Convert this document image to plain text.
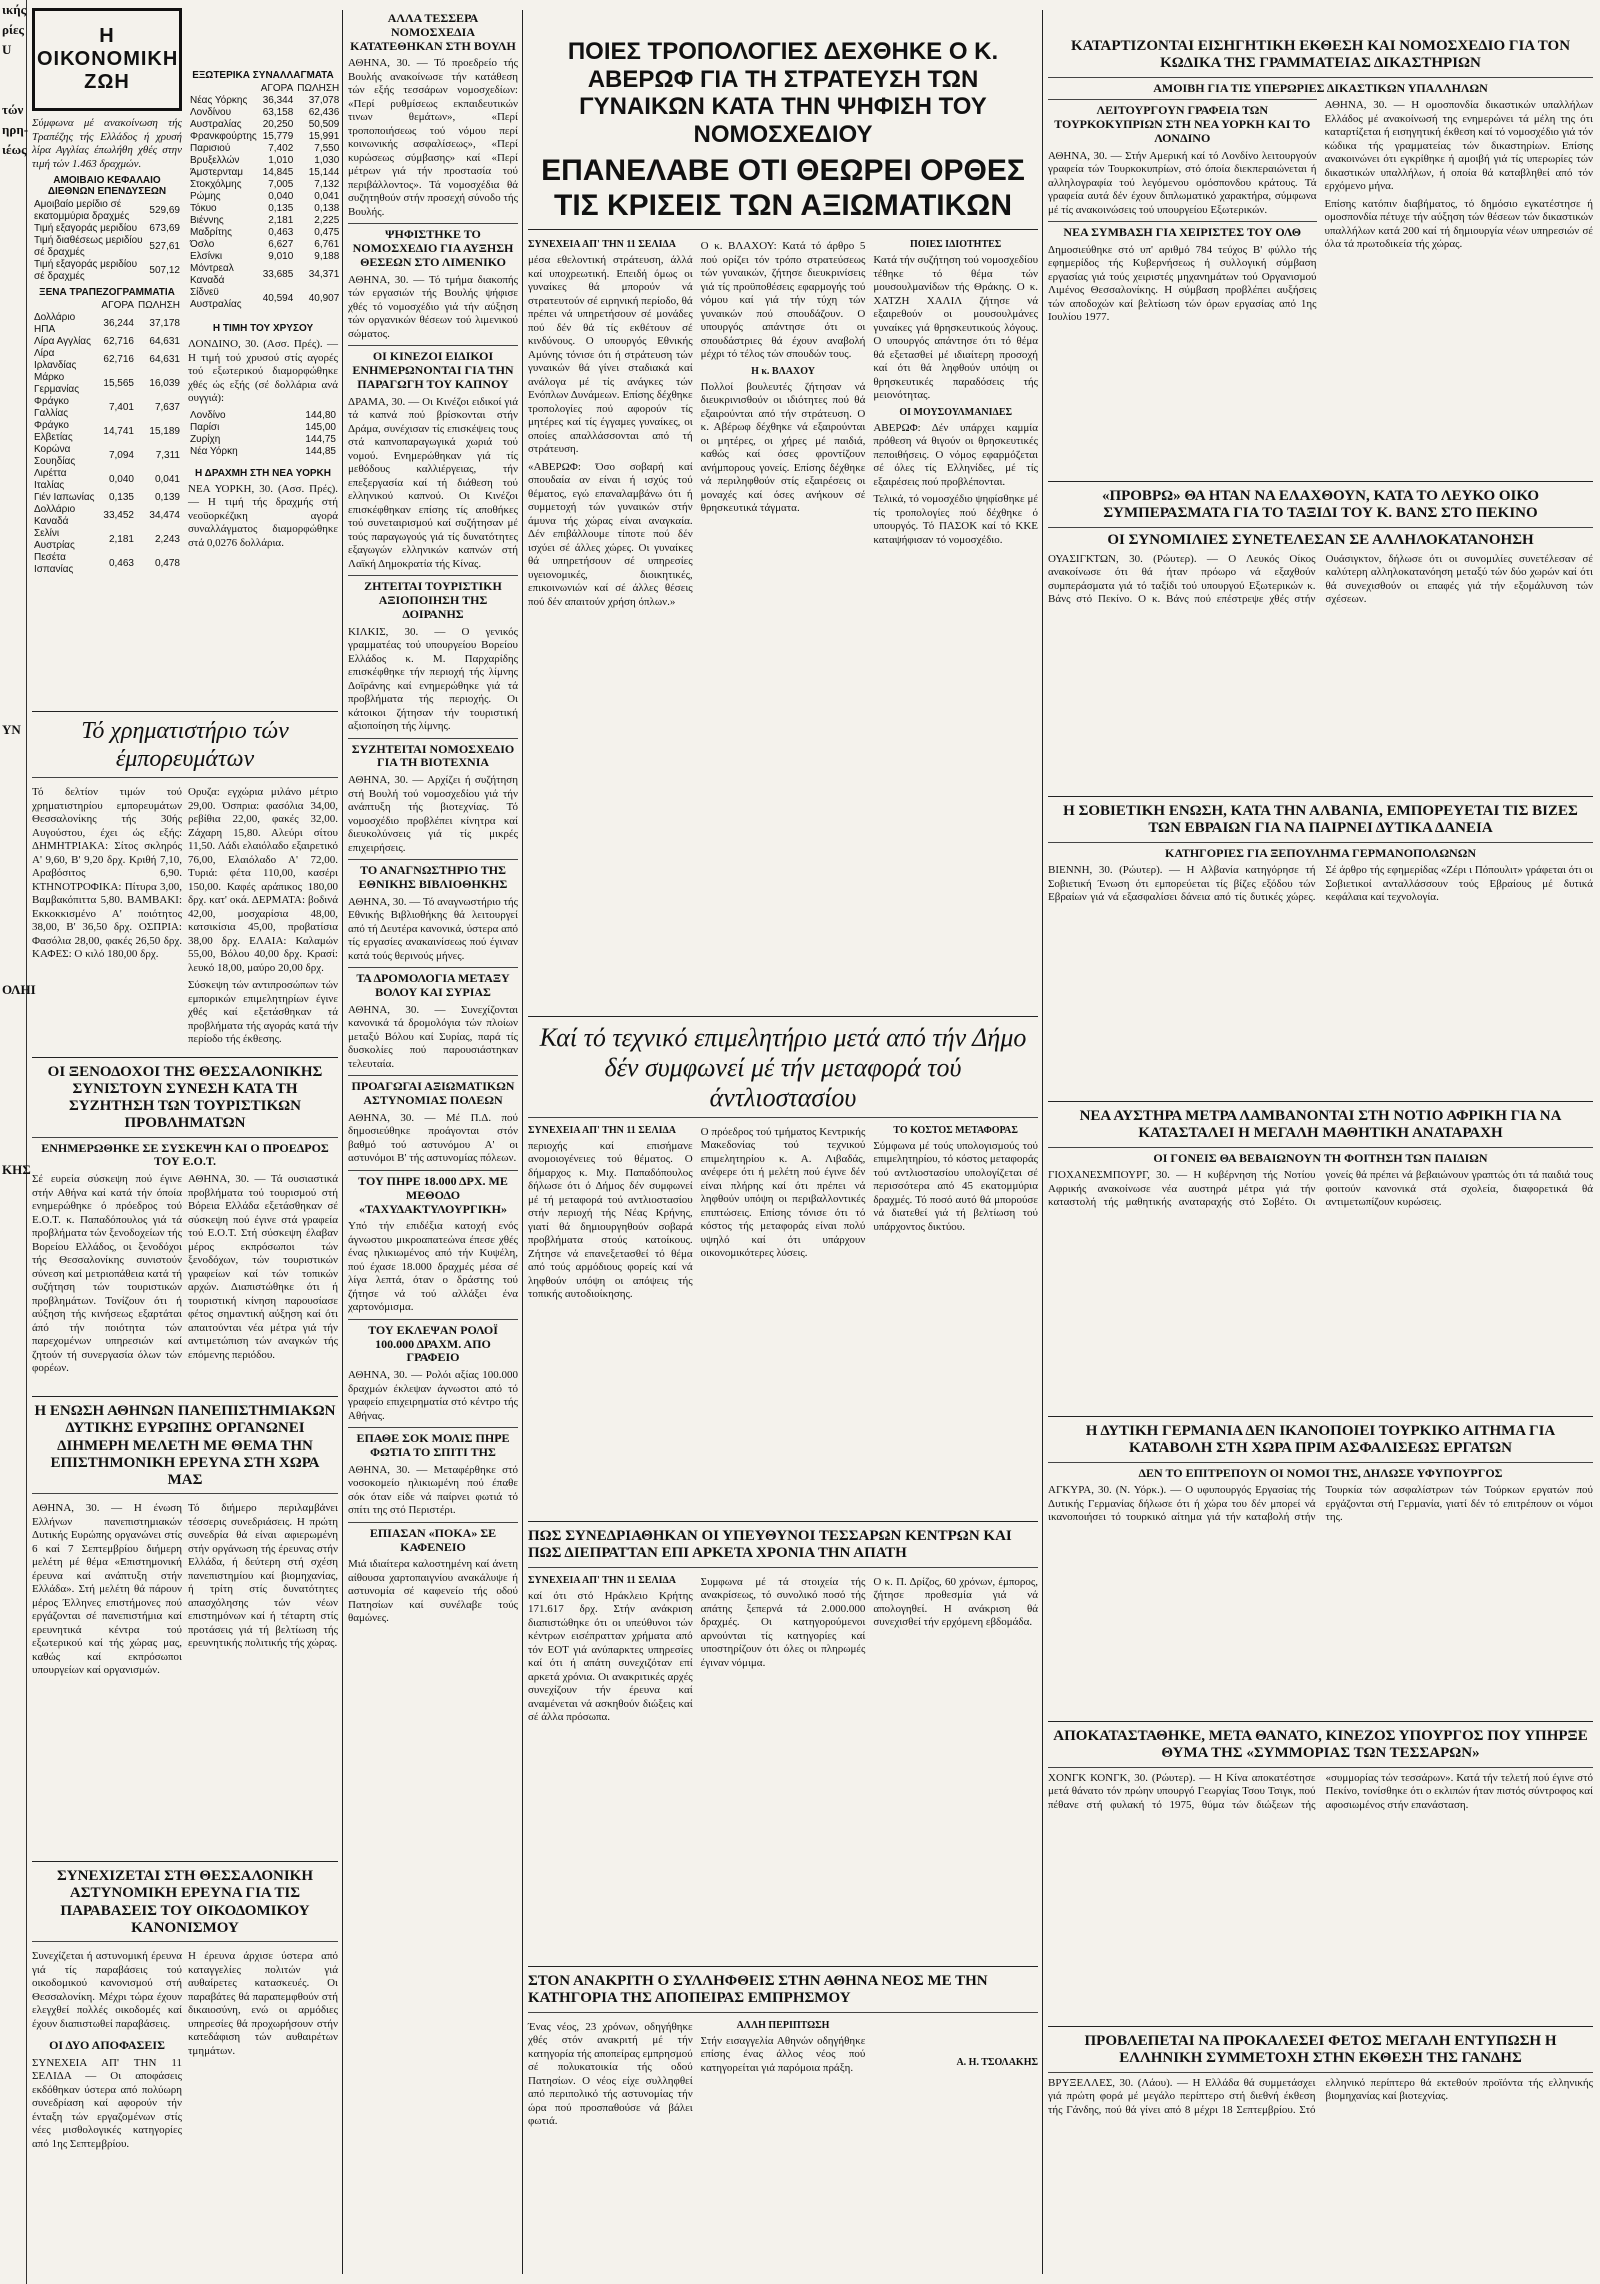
ικής
ρίες
U
τών
ηρη-
ιέως
ΥΝ
ΟΛΗΙ
ΚΗΣ
Η ΟΙΚΟΝΟΜΙΚΗ ΖΩΗ

Σύμφωνα μέ ανακοίνωση τής Τραπέζης τής Ελλάδος ή χρυσή λίρα Αγγλίας έπωλήθη χθές στην τιμή τών 1.463 δραχμών.

ΑΜΟΙΒΑΙΟ ΚΕΦΑΛΑΙΟ ΔΙΕΘΝΩΝ ΕΠΕΝΔΥΣΕΩΝ
Αμοιβαίο μερίδιο σέ εκατομμύρια δραχμές	529,69
Τιμή εξαγοράς μεριδίου	673,69
Τιμή διαθέσεως μεριδίου σέ δραχμές	527,61
Τιμή εξαγοράς μεριδίου σέ δραχμές	507,12
ΞΕΝΑ ΤΡΑΠΕΖΟΓΡΑΜΜΑΤΙΑ
	ΑΓΟΡΑ	ΠΩΛΗΣΗ
Δολλάριο ΗΠΑ	36,244	37,178
Λίρα Αγγλίας	62,716	64,631
Λίρα Ιρλανδίας	62,716	64,631
Μάρκο Γερμανίας	15,565	16,039
Φράγκο Γαλλίας	7,401	7,637
Φράγκο Ελβετίας	14,741	15,189
Κορώνα Σουηδίας	7,094	7,311
Λιρέττα Ιταλίας	0,040	0,041
Γιέν Ιαπωνίας	0,135	0,139
Δολλάριο Καναδά	33,452	34,474
Σελίνι Αυστρίας	2,181	2,243
Πεσέτα Ισπανίας	0,463	0,478
ΕΞΩΤΕΡΙΚΑ ΣΥΝΑΛΛΑΓΜΑΤΑ
	ΑΓΟΡΑ	ΠΩΛΗΣΗ
Νέας Υόρκης	36,344	37,078
Λονδίνου	63,158	62,436
Αυστραλίας	20,250	50,509
Φρανκφούρτης	15,779	15,991
Παρισιού	7,402	7,550
Βρυξελλών	1,010	1,030
Άμστερνταμ	14,845	15,144
Στοκχόλμης	7,005	7,132
Ρώμης	0,040	0,041
Τόκυο	0,135	0,138
Βιέννης	2,181	2,225
Μαδρίτης	0,463	0,475
Όσλο	6,627	6,761
Ελσίνκι	9,010	9,188
Μόντρεαλ Καναδά	33,685	34,371
Σίδνεϋ Αυστραλίας	40,594	40,907
Η ΤΙΜΗ ΤΟΥ ΧΡΥΣΟΥ

ΛΟΝΔΙΝΟ, 30. (Ασσ. Πρές). — Η τιμή τού χρυσού στίς αγορές τού εξωτερικού διαμορφώθηκε χθές ώς εξής (σέ δολλάρια ανά ουγγιά):

Λονδίνο	144,80
Παρίσι	145,00
Ζυρίχη	144,75
Νέα Υόρκη	144,85
Η ΔΡΑΧΜΗ ΣΤΗ ΝΕΑ ΥΟΡΚΗ

ΝΕΑ ΥΟΡΚΗ, 30. (Ασσ. Πρές). — Η τιμή τής δραχμής στή νεοϋορκέζικη αγορά συναλλάγματος διαμορφώθηκε στά 0,0276 δολλάρια.

Τό χρηματιστήριο τών έμπορευμάτων

Τό δελτίον τιμών τού χρηματιστηρίου εμπορευμάτων Θεσσαλονίκης τής 30ής Αυγούστου, έχει ώς εξής: ΔΗΜΗΤΡΙΑΚΑ: Σίτος σκληρός Α' 9,60, Β' 9,20 δρχ. Κριθή 7,10, Αραβόσιτος 6,90. ΚΤΗΝΟΤΡΟΦΙΚΑ: Πίτυρα 3,00, Βαμβακόπιττα 5,80. ΒΑΜΒΑΚΙ: Εκκοκκισμένο Α' ποιότητος 38,00, Β' 36,50 δρχ. ΟΣΠΡΙΑ: Φασόλια 28,00, φακές 26,50 δρχ. ΚΑΦΕΣ: Ο κιλό 180,00 δρχ.

Ορυζα: εγχώρια μιλάνο μέτριο 29,00. Όσπρια: φασόλια 34,00, ρεβίθια 22,00, φακές 32,00. Ζάχαρη 15,80. Αλεύρι σίτου 11,50. Λάδι ελαιόλαδο εξαιρετικό 76,00, Ελαιόλαδο Α' 72,00. Τυριά: φέτα 110,00, κασέρι 150,00. Καφές αράπικος 180,00 δρχ. κατ' οκά. ΔΕΡΜΑΤΑ: βοδινά 42,00, μοσχαρίσια 48,00, κατσικίσια 45,00, προβατίσια 38,00 δρχ. ΕΛΑΙΑ: Καλαμών 55,00, Βόλου 40,00 δρχ. Κρασί: λευκό 18,00, μαύρο 20,00 δρχ.

Σύσκεψη τών αντιπροσώπων τών εμπορικών επιμελητηρίων έγινε χθές καί εξετάσθηκαν τά προβλήματα τής αγοράς κατά τήν περίοδο τής έκθεσης.

ΟΙ ΞΕΝΟΔΟΧΟΙ ΤΗΣ ΘΕΣΣΑΛΟΝΙΚΗΣ ΣΥΝΙΣΤΟΥΝ ΣΥΝΕΣΗ ΚΑΤΑ ΤΗ ΣΥΖΗΤΗΣΗ ΤΩΝ ΤΟΥΡΙΣΤΙΚΩΝ ΠΡΟΒΛΗΜΑΤΩΝ
ΕΝΗΜΕΡΩΘΗΚΕ ΣΕ ΣΥΣΚΕΨΗ ΚΑΙ Ο ΠΡΟΕΔΡΟΣ ΤΟΥ Ε.Ο.Τ.

Σέ ευρεία σύσκεψη πού έγινε στήν Αθήνα καί κατά τήν όποία ενημερώθηκε ό πρόεδρος τού Ε.Ο.Τ. κ. Παπαδόπουλος γιά τά προβλήματα τών ξενοδοχείων τής Βορείου Ελλάδος, οι ξενοδόχοι τής Θεσσαλονίκης συνιστούν σύνεση καί μετριοπάθεια κατά τή συζήτηση τών τουριστικών προβλημάτων. Τονίζουν ότι ή αύξηση τής κινήσεως εξαρτάται άπό τήν ποιότητα τών παρεχομένων υπηρεσιών καί ζητούν τή συνεργασία όλων τών φορέων.

ΑΘΗΝΑ, 30. — Τά ουσιαστικά προβλήματα τού τουρισμού στή Βόρεια Ελλάδα εξετάσθηκαν σέ σύσκεψη πού έγινε στά γραφεία τού Ε.Ο.Τ. Στή σύσκεψη έλαβαν μέρος εκπρόσωποι τών ξενοδόχων, τών τουριστικών γραφείων καί τών τοπικών αρχών. Διαπιστώθηκε ότι ή τουριστική κίνηση παρουσίασε φέτος σημαντική αύξηση καί ότι απαιτούνται νέα μέτρα γιά τήν αντιμετώπιση τών αναγκών τής επόμενης περιόδου.

Η ΕΝΩΣΗ ΑΘΗΝΩΝ ΠΑΝΕΠΙΣΤΗΜΙΑΚΩΝ ΔΥΤΙΚΗΣ ΕΥΡΩΠΗΣ ΟΡΓΑΝΩΝΕΙ ΔΙΗΜΕΡΗ ΜΕΛΕΤΗ ΜΕ ΘΕΜΑ ΤΗΝ ΕΠΙΣΤΗΜΟΝΙΚΗ ΕΡΕΥΝΑ ΣΤΗ ΧΩΡΑ ΜΑΣ

ΑΘΗΝΑ, 30. — Η ένωση Ελλήνων πανεπιστημιακών Δυτικής Ευρώπης οργανώνει στίς 6 καί 7 Σεπτεμβρίου διήμερη μελέτη μέ θέμα «Επιστημονική έρευνα καί ανάπτυξη στήν Ελλάδα». Στή μελέτη θά πάρουν μέρος Έλληνες επιστήμονες πού εργάζονται σέ πανεπιστήμια καί ερευνητικά κέντρα τού εξωτερικού καί τής χώρας μας, καθώς καί εκπρόσωποι υπουργείων καί οργανισμών.

Τό διήμερο περιλαμβάνει τέσσερις συνεδριάσεις. Η πρώτη συνεδρία θά είναι αφιερωμένη στήν οργάνωση τής έρευνας στήν Ελλάδα, ή δεύτερη στή σχέση πανεπιστημίου καί βιομηχανίας, ή τρίτη στίς δυνατότητες απασχόλησης τών νέων επιστημόνων καί ή τέταρτη στίς προτάσεις γιά τή βελτίωση τής ερευνητικής πολιτικής τής χώρας.

ΣΥΝΕΧΙΖΕΤΑΙ ΣΤΗ ΘΕΣΣΑΛΟΝΙΚΗ ΑΣΤΥΝΟΜΙΚΗ ΕΡΕΥΝΑ ΓΙΑ ΤΙΣ ΠΑΡΑΒΑΣΕΙΣ ΤΟΥ ΟΙΚΟΔΟΜΙΚΟΥ ΚΑΝΟΝΙΣΜΟΥ

Συνεχίζεται ή αστυνομική έρευνα γιά τίς παραβάσεις τού οικοδομικού κανονισμού στή Θεσσαλονίκη. Μέχρι τώρα έχουν ελεγχθεί πολλές οικοδομές καί έχουν διαπιστωθεί παραβάσεις.

ΟΙ ΔΥΟ ΑΠΟΦΑΣΕΙΣ

ΣΥΝΕΧΕΙΑ ΑΠ' ΤΗΝ 11 ΣΕΛΙΔΑ — Οι αποφάσεις εκδόθηκαν ύστερα από πολύωρη συνεδρίαση καί αφορούν τήν ένταξη τών εργαζομένων στίς νέες μισθολογικές κατηγορίες από 1ης Σεπτεμβρίου.

Η έρευνα άρχισε ύστερα από καταγγελίες πολιτών γιά αυθαίρετες κατασκευές. Οι παραβάτες θά παραπεμφθούν στή δικαιοσύνη, ενώ οι αρμόδιες υπηρεσίες θά προχωρήσουν στήν κατεδάφιση τών αυθαιρέτων τμημάτων.

ΑΛΛΑ ΤΕΣΣΕΡΑ ΝΟΜΟΣΧΕΔΙΑ ΚΑΤΑΤΕΘΗΚΑΝ ΣΤΗ ΒΟΥΛΗ

ΑΘΗΝΑ, 30. — Τό προεδρείο τής Βουλής ανακοίνωσε τήν κατάθεση τών εξής τεσσάρων νομοσχεδίων: «Περί ρυθμίσεως εκπαιδευτικών τινων θεμάτων», «Περί τροποποιήσεως τού νόμου περί κοινωνικής ασφαλίσεως», «Περί κυρώσεως σύμβασης» καί «Περί μέτρων γιά τήν προστασία τού περιβάλλοντος». Τά νομοσχέδια θά συζητηθούν στήν προσεχή σύνοδο τής Βουλής.

ΨΗΦΙΣΤΗΚΕ ΤΟ ΝΟΜΟΣΧΕΔΙΟ ΓΙΑ ΑΥΞΗΣΗ ΘΕΣΕΩΝ ΣΤΟ ΛΙΜΕΝΙΚΟ

ΑΘΗΝΑ, 30. — Τό τμήμα διακοπής τών εργασιών τής Βουλής ψήφισε χθές τό νομοσχέδιο γιά τήν αύξηση τών οργανικών θέσεων τού λιμενικού σώματος.

ΟΙ ΚΙΝΕΖΟΙ ΕΙΔΙΚΟΙ ΕΝΗΜΕΡΩΝΟΝΤΑΙ ΓΙΑ ΤΗΝ ΠΑΡΑΓΩΓΗ ΤΟΥ ΚΑΠΝΟΥ

ΔΡΑΜΑ, 30. — Οι Κινέζοι ειδικοί γιά τά καπνά πού βρίσκονται στήν Δράμα, συνέχισαν τίς επισκέψεις τους στά καπνοπαραγωγικά χωριά τού νομού. Ενημερώθηκαν γιά τίς μεθόδους καλλιέργειας, τήν επεξεργασία καί τή διάθεση τού ελληνικού καπνού. Οι Κινέζοι επισκέφθηκαν επίσης τίς αποθήκες τού συνεταιρισμού καί συζήτησαν μέ τούς παραγωγούς γιά τίς δυνατότητες εξαγωγών ελληνικών καπνών στή Λαϊκή Δημοκρατία τής Κίνας.

ΖΗΤΕΙΤΑΙ ΤΟΥΡΙΣΤΙΚΗ ΑΞΙΟΠΟΙΗΣΗ ΤΗΣ ΔΟΙΡΑΝΗΣ

ΚΙΛΚΙΣ, 30. — Ο γενικός γραμματέας τού υπουργείου Βορείου Ελλάδος κ. Μ. Παρχαρίδης επισκέφθηκε τήν περιοχή τής λίμνης Δοϊράνης καί ενημερώθηκε γιά τά προβλήματα τής περιοχής. Οι κάτοικοι ζήτησαν τήν τουριστική αξιοποίηση τής λίμνης.

ΣΥΖΗΤΕΙΤΑΙ ΝΟΜΟΣΧΕΔΙΟ ΓΙΑ ΤΗ ΒΙΟΤΕΧΝΙΑ

ΑΘΗΝΑ, 30. — Αρχίζει ή συζήτηση στή Βουλή τού νομοσχεδίου γιά τήν ανάπτυξη τής βιοτεχνίας. Τό νομοσχέδιο προβλέπει κίνητρα καί διευκολύνσεις γιά τίς μικρές επιχειρήσεις.

ΤΟ ΑΝΑΓΝΩΣΤΗΡΙΟ ΤΗΣ ΕΘΝΙΚΗΣ ΒΙΒΛΙΟΘΗΚΗΣ

ΑΘΗΝΑ, 30. — Τό αναγνωστήριο τής Εθνικής Βιβλιοθήκης θά λειτουργεί από τή Δευτέρα κανονικά, ύστερα από τίς εργασίες ανακαινίσεως πού έγιναν κατά τούς θερινούς μήνες.

ΤΑ ΔΡΟΜΟΛΟΓΙΑ ΜΕΤΑΞΥ ΒΟΛΟΥ ΚΑΙ ΣΥΡΙΑΣ

ΑΘΗΝΑ, 30. — Συνεχίζονται κανονικά τά δρομολόγια τών πλοίων μεταξύ Βόλου καί Συρίας, παρά τίς δυσκολίες πού παρουσιάστηκαν τελευταία.

ΠΡΟΑΓΩΓΑΙ ΑΞΙΩΜΑΤΙΚΩΝ ΑΣΤΥΝΟΜΙΑΣ ΠΟΛΕΩΝ

ΑΘΗΝΑ, 30. — Μέ Π.Δ. πού δημοσιεύθηκε προάγονται στόν βαθμό τού αστυνόμου Α' οι αστυνόμοι Β' τής αστυνομίας πόλεων.

ΤΟΥ ΠΗΡΕ 18.000 ΔΡΧ. ΜΕ ΜΕΘΟΔΟ «ΤΑΧΥΔΑΚΤΥΛΟΥΡΓΙΚΗ»

Υπό τήν επιδέξια κατοχή ενός άγνωστου μικροαπατεώνα έπεσε χθές ένας ηλικιωμένος από τήν Κυψέλη, πού έχασε 18.000 δραχμές μέσα σέ λίγα λεπτά, όταν ο δράστης τού ζήτησε νά τού αλλάξει ένα χαρτονόμισμα.

ΤΟΥ ΕΚΛΕΨΑΝ ΡΟΛΟΪ 100.000 ΔΡΑΧΜ. ΑΠΟ ΓΡΑΦΕΙΟ

ΑΘΗΝΑ, 30. — Ρολόι αξίας 100.000 δραχμών έκλεψαν άγνωστοι από τό γραφείο επιχειρηματία στό κέντρο τής Αθήνας.

ΕΠΑΘΕ ΣΟΚ ΜΟΛΙΣ ΠΗΡΕ ΦΩΤΙΑ ΤΟ ΣΠΙΤΙ ΤΗΣ

ΑΘΗΝΑ, 30. — Μεταφέρθηκε στό νοσοκομείο ηλικιωμένη πού έπαθε σόκ όταν είδε νά παίρνει φωτιά τό σπίτι της στό Περιστέρι.

ΕΠΙΑΣΑΝ «ΠΟΚΑ» ΣΕ ΚΑΦΕΝΕΙΟ

Μιά ιδιαίτερα καλοστημένη καί άνετη αίθουσα χαρτοπαιγνίου ανακάλυψε ή αστυνομία σέ καφενείο τής οδού Πατησίων καί συνέλαβε τούς θαμώνες.

ΠΟΙΕΣ ΤΡΟΠΟΛΟΓΙΕΣ ΔΕΧΘΗΚΕ Ο Κ. ΑΒΕΡΩΦ ΓΙΑ ΤΗ ΣΤΡΑΤΕΥΣΗ ΤΩΝ ΓΥΝΑΙΚΩΝ ΚΑΤΑ ΤΗΝ ΨΗΦΙΣΗ ΤΟΥ ΝΟΜΟΣΧΕΔΙΟΥ
ΕΠΑΝΕΛΑΒΕ ΟΤΙ ΘΕΩΡΕΙ ΟΡΘΕΣ ΤΙΣ ΚΡΙΣΕΙΣ ΤΩΝ ΑΞΙΩΜΑΤΙΚΩΝ
ΣΥΝΕΧΕΙΑ ΑΠ' ΤΗΝ 11 ΣΕΛΙΔΑ

μέσα εθελοντική στράτευση, άλλά καί υποχρεωτική. Επειδή όμως οι γυναίκες θά μπορούν νά στρατευτούν σέ ειρηνική περίοδο, θά πρέπει νά υπηρετήσουν σέ μονάδες πού δέν θά τίς εκθέτουν σέ κινδύνους. Ο υπουργός Εθνικής Αμύνης τόνισε ότι ή στράτευση τών γυναικών θά γίνει σταδιακά καί ανάλογα μέ τίς ανάγκες τών Ενόπλων Δυνάμεων. Επίσης δέχθηκε τροπολογίες πού αφορούν τίς μητέρες καί τίς έγγαμες γυναίκες, οι οποίες απαλλάσσονται από τή στράτευση.

«ΑΒΕΡΩΦ: Όσο σοβαρή καί σπουδαία αν είναι ή ισχύς τού θέματος, εγώ επαναλαμβάνω ότι ή συμμετοχή τών γυναικών στήν άμυνα τής χώρας είναι αναγκαία. Δέν επιβάλλουμε τίποτε πού δέν ισχύει σέ άλλες χώρες. Οι γυναίκες θά υπηρετήσουν σέ υπηρεσίες υγειονομικές, διοικητικές, επικοινωνιών καί σέ άλλες θέσεις πού δέν απαιτούν χρήση όπλων.»

Ο κ. ΒΛΑΧΟΥ: Κατά τό άρθρο 5 πού ορίζει τόν τρόπο στρατεύσεως τών γυναικών, ζήτησε διευκρινίσεις γιά τίς προϋποθέσεις εφαρμογής τού νόμου καί γιά τήν τύχη τών γυναικών πού σπουδάζουν. Ο υπουργός απάντησε ότι οι σπουδάστριες θά έχουν αναβολή μέχρι τό τέλος τών σπουδών τους.

Η κ. ΒΛΑΧΟΥ

Πολλοί βουλευτές ζήτησαν νά διευκρινισθούν οι ιδιότητες πού θά εξαιρούνται από τήν στράτευση. Ο κ. Αβέρωφ δέχθηκε νά εξαιρούνται οι μητέρες, οι χήρες μέ παιδιά, καθώς καί όσες φροντίζουν ανήμπορους γονείς. Επίσης δέχθηκε νά περιληφθούν στίς εξαιρέσεις οι μοναχές καί όσες ανήκουν σέ θρησκευτικά τάγματα.

ΠΟΙΕΣ ΙΔΙΟΤΗΤΕΣ

Κατά τήν συζήτηση τού νομοσχεδίου τέθηκε τό θέμα τών μουσουλμανίδων τής Θράκης. Ο κ. ΧΑΤΖΗ ΧΑΛΙΛ ζήτησε νά εξαιρεθούν οι μουσουλμάνες γυναίκες γιά θρησκευτικούς λόγους. Ο υπουργός απάντησε ότι τό θέμα θά εξετασθεί μέ ιδιαίτερη προσοχή καί ότι θά ληφθούν υπόψη οι θρησκευτικές παραδόσεις τής μειονότητας.

ΟΙ ΜΟΥΣΟΥΛΜΑΝΙΔΕΣ

ΑΒΕΡΩΦ: Δέν υπάρχει καμμία πρόθεση νά θιγούν οι θρησκευτικές πεποιθήσεις. Ο νόμος εφαρμόζεται σέ όλες τίς Ελληνίδες, μέ τίς εξαιρέσεις πού προβλέπονται.

Τελικά, τό νομοσχέδιο ψηφίσθηκε μέ τίς τροπολογίες πού δέχθηκε ό υπουργός. Τό ΠΑΣΟΚ καί τό ΚΚΕ καταψήφισαν τό νομοσχέδιο.

Καί τό τεχνικό επιμελητήριο μετά από τήν Δήμο δέν συμφωνεί μέ τήν μεταφορά τού άντλιοστασίου
ΣΥΝΕΧΕΙΑ ΑΠ' ΤΗΝ 11 ΣΕΛΙΔΑ

περιοχής καί επισήμανε ανομοιογένειες τού θέματος. Ο δήμαρχος κ. Μιχ. Παπαδόπουλος δήλωσε ότι ό Δήμος δέν συμφωνεί μέ τή μεταφορά τού αντλιοστασίου στήν περιοχή τής Νέας Κρήνης, γιατί θά δημιουργηθούν σοβαρά προβλήματα στούς κατοίκους. Ζήτησε νά επανεξετασθεί τό θέμα από τούς αρμόδιους φορείς καί νά ληφθούν υπόψη οι απόψεις τής τοπικής αυτοδιοίκησης.

Ο πρόεδρος τού τμήματος Κεντρικής Μακεδονίας τού τεχνικού επιμελητηρίου κ. Α. Λιβαδάς, ανέφερε ότι ή μελέτη πού έγινε δέν είναι πλήρης καί ότι πρέπει νά ληφθούν υπόψη οι περιβαλλοντικές επιπτώσεις. Επίσης τόνισε ότι τό κόστος τής μεταφοράς είναι πολύ υψηλό καί ότι υπάρχουν οικονομικότερες λύσεις.

ΤΟ ΚΟΣΤΟΣ ΜΕΤΑΦΟΡΑΣ

Σύμφωνα μέ τούς υπολογισμούς τού επιμελητηρίου, τό κόστος μεταφοράς τού αντλιοστασίου υπολογίζεται σέ περισσότερα από 45 εκατομμύρια δραχμές. Τό ποσό αυτό θά μπορούσε νά διατεθεί γιά τή βελτίωση τού υπάρχοντος δικτύου.

ΠΩΣ ΣΥΝΕΔΡΙΑΘΗΚΑΝ ΟΙ ΥΠΕΥΘΥΝΟΙ ΤΕΣΣΑΡΩΝ ΚΕΝΤΡΩΝ ΚΑΙ ΠΩΣ ΔΙΕΠΡΑΤΤΑΝ ΕΠΙ ΑΡΚΕΤΑ ΧΡΟΝΙΑ ΤΗΝ ΑΠΑΤΗ
ΣΥΝΕΧΕΙΑ ΑΠ' ΤΗΝ 11 ΣΕΛΙΔΑ

καί ότι στό Ηράκλειο Κρήτης 171.617 δρχ. Στήν ανάκριση διαπιστώθηκε ότι οι υπεύθυνοι τών κέντρων εισέπρατταν χρήματα από τόν ΕΟΤ γιά ανύπαρκτες υπηρεσίες καί ότι ή απάτη συνεχιζόταν επί αρκετά χρόνια. Οι ανακριτικές αρχές συνεχίζουν τήν έρευνα καί αναμένεται νά ασκηθούν διώξεις καί σέ άλλα πρόσωπα.

Συμφωνα μέ τά στοιχεία τής ανακρίσεως, τό συνολικό ποσό τής απάτης ξεπερνά τά 2.000.000 δραχμές. Οι κατηγορούμενοι αρνούνται τίς κατηγορίες καί υποστηρίζουν ότι όλες οι πληρωμές έγιναν νόμιμα.

Ο κ. Π. Δρίζος, 60 χρόνων, έμπορος, ζήτησε προθεσμία γιά νά απολογηθεί. Η ανάκριση θά συνεχισθεί τήν ερχόμενη εβδομάδα.

ΣΤΟΝ ΑΝΑΚΡΙΤΗ Ο ΣΥΛΛΗΦΘΕΙΣ ΣΤΗΝ ΑΘΗΝΑ ΝΕΟΣ ΜΕ ΤΗΝ ΚΑΤΗΓΟΡΙΑ ΤΗΣ ΑΠΟΠΕΙΡΑΣ ΕΜΠΡΗΣΜΟΥ

Ένας νέος, 23 χρόνων, οδηγήθηκε χθές στόν ανακριτή μέ τήν κατηγορία τής αποπείρας εμπρησμού σέ πολυκατοικία τής οδού Πατησίων. Ο νέος είχε συλληφθεί από περιπολικό τής αστυνομίας τήν ώρα πού προσπαθούσε νά βάλει φωτιά.

ΑΛΛΗ ΠΕΡΙΠΤΩΣΗ

Στήν εισαγγελία Αθηνών οδηγήθηκε επίσης ένας άλλος νέος πού κατηγορείται γιά παρόμοια πράξη.	Α. Η. ΤΣΟΛΑΚΗΣ
ΚΑΤΑΡΤΙΖΟΝΤΑΙ ΕΙΣΗΓΗΤΙΚΗ ΕΚΘΕΣΗ ΚΑΙ ΝΟΜΟΣΧΕΔΙΟ ΓΙΑ ΤΟΝ ΚΩΔΙΚΑ ΤΗΣ ΓΡΑΜΜΑΤΕΙΑΣ ΔΙΚΑΣΤΗΡΙΩΝ
ΑΜΟΙΒΗ ΓΙΑ ΤΙΣ ΥΠΕΡΩΡΙΕΣ ΔΙΚΑΣΤΙΚΩΝ ΥΠΑΛΛΗΛΩΝ
ΛΕΙΤΟΥΡΓΟΥΝ ΓΡΑΦΕΙΑ ΤΩΝ ΤΟΥΡΚΟΚΥΠΡΙΩΝ ΣΤΗ ΝΕΑ ΥΟΡΚΗ ΚΑΙ ΤΟ ΛΟΝΔΙΝΟ

ΑΘΗΝΑ, 30. — Στήν Αμερική καί τό Λονδίνο λειτουργούν γραφεία τών Τουρκοκυπρίων, στό όποία διεκπεραιώνεται ή αλληλογραφία τού λεγόμενου ομόσπονδου κράτους. Τά γραφεία αυτά δέν έχουν διπλωματικό χαρακτήρα, σύμφωνα μέ τίς ανακοινώσεις τού υπουργείου Εξωτερικών.

ΝΕΑ ΣΥΜΒΑΣΗ ΓΙΑ ΧΕΙΡΙΣΤΕΣ ΤΟΥ ΟΛΘ

Δημοσιεύθηκε στό υπ' αριθμό 784 τεύχος Β' φύλλο τής εφημερίδος τής Κυβερνήσεως ή συλλογική σύμβαση εργασίας γιά τούς χειριστές μηχανημάτων τού Οργανισμού Λιμένος Θεσσαλονίκης. Η σύμβαση προβλέπει αυξήσεις τών αποδοχών καί βελτίωση τών όρων εργασίας από 1ης Ιουλίου 1977.

ΑΘΗΝΑ, 30. — Η ομοσπονδία δικαστικών υπαλλήλων Ελλάδος μέ ανακοίνωσή της ενημερώνει τά μέλη της ότι καταρτίζεται ή εισηγητική έκθεση καί τό νομοσχέδιο γιά τόν κώδικα τής γραμματείας τών δικαστηρίων. Επίσης ανακοινώνει ότι εγκρίθηκε ή αμοιβή γιά τίς υπερωρίες τών δικαστικών υπαλλήλων, ή οποία θά καταβληθεί από τόν ερχόμενο μήνα.

Επίσης κατόπιν διαβήματος, τό δημόσιο εγκατέστησε ή ομοσπονδία πέτυχε τήν αύξηση τών θέσεων τών δικαστικών υπαλλήλων κατά 200 καί τή δημιουργία νέων υπηρεσιών σέ όλα τά πρωτοδικεία τής χώρας.

«ΠΡΟΒΡΩ» ΘΑ ΗΤΑΝ ΝΑ ΕΛΑΧΘΟΥΝ, ΚΑΤΑ ΤΟ ΛΕΥΚΟ ΟΙΚΟ ΣΥΜΠΕΡΑΣΜΑΤΑ ΓΙΑ ΤΟ ΤΑΞΙΔΙ ΤΟΥ Κ. ΒΑΝΣ ΣΤΟ ΠΕΚΙΝΟ
ΟΙ ΣΥΝΟΜΙΛΙΕΣ ΣΥΝΕΤΕΛΕΣΑΝ ΣΕ ΑΛΛΗΛΟΚΑΤΑΝΟΗΣΗ

ΟΥΑΣΙΓΚΤΩΝ, 30. (Ρώυτερ). — Ο Λευκός Οίκος ανακοίνωσε ότι θά ήταν πρόωρο νά εξαχθούν συμπεράσματα γιά τό ταξίδι τού υπουργού Εξωτερικών κ. Βάνς στό Πεκίνο. Ο κ. Βάνς πού επέστρεψε χθές στήν Ουάσιγκτον, δήλωσε ότι οι συνομιλίες συνετέλεσαν σέ καλύτερη αλληλοκατανόηση μεταξύ τών δύο χωρών καί ότι θά συνεχισθούν οι επαφές γιά τήν εξομάλυνση τών σχέσεων.

Η ΣΟΒΙΕΤΙΚΗ ΕΝΩΣΗ, ΚΑΤΑ ΤΗΝ ΑΛΒΑΝΙΑ, ΕΜΠΟΡΕΥΕΤΑΙ ΤΙΣ ΒΙΖΕΣ ΤΩΝ ΕΒΡΑΙΩΝ ΓΙΑ ΝΑ ΠΑΙΡΝΕΙ ΔΥΤΙΚΑ ΔΑΝΕΙΑ
ΚΑΤΗΓΟΡΙΕΣ ΓΙΑ ΞΕΠΟΥΛΗΜΑ ΓΕΡΜΑΝΟΠΟΛΩΝΩΝ

ΒΙΕΝΝΗ, 30. (Ρώυτερ). — Η Αλβανία κατηγόρησε τή Σοβιετική Ένωση ότι εμπορεύεται τίς βίζες εξόδου τών Εβραίων γιά νά εξασφαλίσει δάνεια από τίς δυτικές χώρες. Σέ άρθρο τής εφημερίδας «Ζέρι ι Πόπουλιτ» γράφεται ότι οι Σοβιετικοί ανταλλάσσουν τούς Εβραίους μέ δυτικά κεφάλαια καί τεχνολογία.

ΝΕΑ ΑΥΣΤΗΡΑ ΜΕΤΡΑ ΛΑΜΒΑΝΟΝΤΑΙ ΣΤΗ ΝΟΤΙΟ ΑΦΡΙΚΗ ΓΙΑ ΝΑ ΚΑΤΑΣΤΑΛΕΙ Η ΜΕΓΑΛΗ ΜΑΘΗΤΙΚΗ ΑΝΑΤΑΡΑΧΗ
ΟΙ ΓΟΝΕΙΣ ΘΑ ΒΕΒΑΙΩΝΟΥΝ ΤΗ ΦΟΙΤΗΣΗ ΤΩΝ ΠΑΙΔΙΩΝ

ΓΙΟΧΑΝΕΣΜΠΟΥΡΓ, 30. — Η κυβέρνηση τής Νοτίου Αφρικής ανακοίνωσε νέα αυστηρά μέτρα γιά τήν καταστολή τής μαθητικής αναταραχής στό Σοβέτο. Οι γονείς θά πρέπει νά βεβαιώνουν γραπτώς ότι τά παιδιά τους φοιτούν κανονικά στά σχολεία, διαφορετικά θά αντιμετωπίζουν κυρώσεις.

Η ΔΥΤΙΚΗ ΓΕΡΜΑΝΙΑ ΔΕΝ ΙΚΑΝΟΠΟΙΕΙ ΤΟΥΡΚΙΚΟ ΑΙΤΗΜΑ ΓΙΑ ΚΑΤΑΒΟΛΗ ΣΤΗ ΧΩΡΑ ΠΡΙΜ ΑΣΦΑΛΙΣΕΩΣ ΕΡΓΑΤΩΝ
ΔΕΝ ΤΟ ΕΠΙΤΡΕΠΟΥΝ ΟΙ ΝΟΜΟΙ ΤΗΣ, ΔΗΛΩΣΕ ΥΦΥΠΟΥΡΓΟΣ

ΑΓΚΥΡΑ, 30. (Ν. Υόρκ.). — Ο υφυπουργός Εργασίας τής Δυτικής Γερμανίας δήλωσε ότι ή χώρα του δέν μπορεί νά ικανοποιήσει τό τουρκικό αίτημα γιά τήν καταβολή στήν Τουρκία τών ασφαλίστρων τών Τούρκων εργατών πού εργάζονται στή Γερμανία, γιατί δέν τό επιτρέπουν οι νόμοι της.

ΑΠΟΚΑΤΑΣΤΑΘΗΚΕ, ΜΕΤΑ ΘΑΝΑΤΟ, ΚΙΝΕΖΟΣ ΥΠΟΥΡΓΟΣ ΠΟΥ ΥΠΗΡΞΕ ΘΥΜΑ ΤΗΣ «ΣΥΜΜΟΡΙΑΣ ΤΩΝ ΤΕΣΣΑΡΩΝ»

ΧΟΝΓΚ ΚΟΝΓΚ, 30. (Ρώυτερ). — Η Κίνα αποκατέστησε μετά θάνατο τόν πρώην υπουργό Γεωργίας Τσου Τσιγκ, πού πέθανε στή φυλακή τό 1975, θύμα τών διώξεων τής «συμμορίας τών τεσσάρων». Κατά τήν τελετή πού έγινε στό Πεκίνο, τονίσθηκε ότι ο εκλιπών ήταν πιστός σύντροφος καί αφοσιωμένος στήν επανάσταση.

ΠΡΟΒΛΕΠΕΤΑΙ ΝΑ ΠΡΟΚΑΛΕΣΕΙ ΦΕΤΟΣ ΜΕΓΑΛΗ ΕΝΤΥΠΩΣΗ Η ΕΛΛΗΝΙΚΗ ΣΥΜΜΕΤΟΧΗ ΣΤΗΝ ΕΚΘΕΣΗ ΤΗΣ ΓΑΝΔΗΣ

ΒΡΥΞΕΛΛΕΣ, 30. (Λάου). — Η Ελλάδα θά συμμετάσχει γιά πρώτη φορά μέ μεγάλο περίπτερο στή διεθνή έκθεση τής Γάνδης, πού θά γίνει από 8 μέχρι 18 Σεπτεμβρίου. Στό ελληνικό περίπτερο θά εκτεθούν προϊόντα τής ελληνικής βιομηχανίας καί βιοτεχνίας.
